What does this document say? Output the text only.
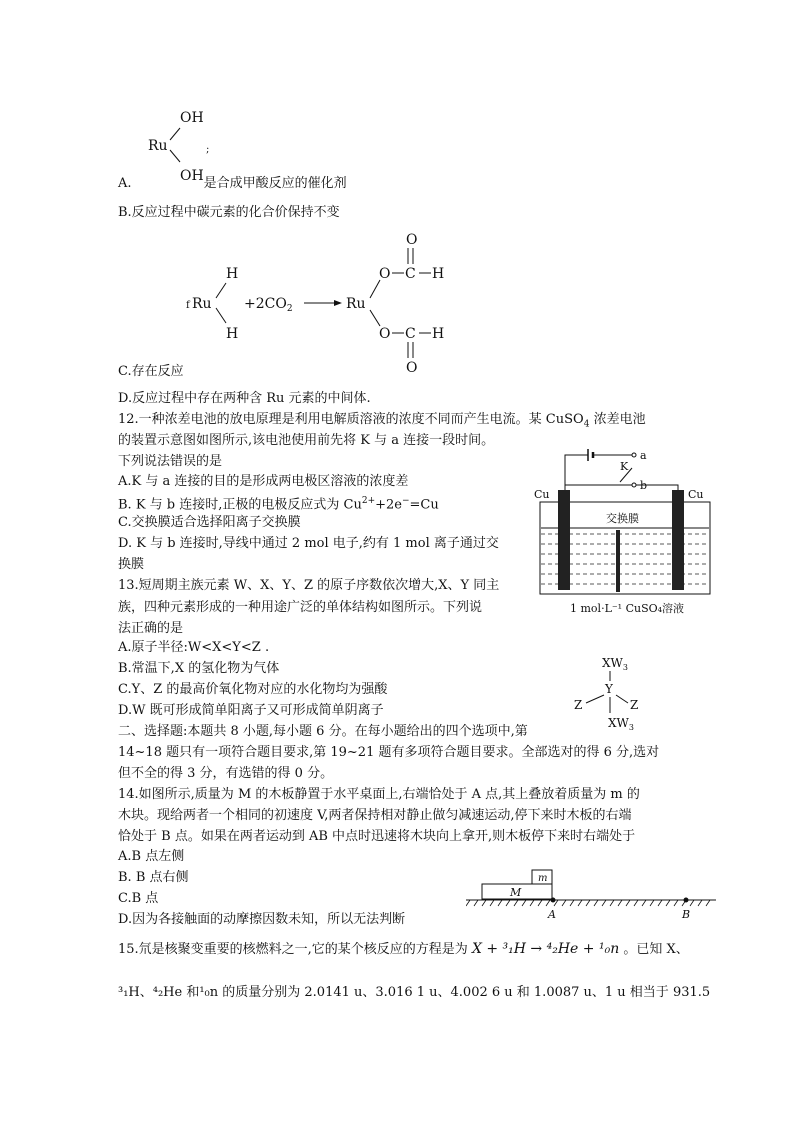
Ru
OH
OH
;
A.	是合成甲酸反应的催化剂
B.反应过程中碳元素的化合价保持不变
f Ru
H
H
$+2CO_2$	Ru
O C H
O
O C H
O
C.存在反应
D.反应过程中存在两种含 Ru 元素的中间体.
12.一种浓差电池的放电原理是利用电解质溶液的浓度不同而产生电流。某 CuSO$_4$ 浓差电池
的装置示意图如图所示,该电池使用前先将 K 与 a 连接一段时间。
下列说法错误的是
A.K 与 a 连接的目的是形成两电极区溶液的浓度差
B. K 与 b 连接时,正极的电极反应式为 $Cu^{2+}+2e^-=Cu$
C.交换膜适合选择阳离子交换膜
D. K 与 b 连接时,导线中通过 2 mol 电子,约有 1 mol 离子通过交
换膜
a
K
b
Cu	Cu
交换膜
1 mol·L⁻¹ CuSO₄溶液
13.短周期主族元素 W、X、Y、Z 的原子序数依次增大,X、Y 同主
族，四种元素形成的一种用途广泛的单体结构如图所示。下列说
法正确的是
A.原子半径:W<X<Y<Z .
B.常温下,X 的氢化物为气体
C.Y、Z 的最高价氧化物对应的水化物均为强酸
D.W 既可形成简单阳离子又可形成简单阴离子
$XW_3$
Y
Z	Z
$XW_3$
二、选择题:本题共 8 小题,每小题 6 分。在每小题给出的四个选项中,第
14~18 题只有一项符合题目要求,第 19~21 题有多项符合题目要求。全部选对的得 6 分,选对
但不全的得 3 分，有选错的得 0 分。
14.如图所示,质量为 M 的木板静置于水平桌面上,右端恰处于 A 点,其上叠放着质量为 m 的
木块。现给两者一个相同的初速度 V,两者保持相对静止做匀减速运动,停下来时木板的右端
恰处于 B 点。如果在两者运动到 AB 中点时迅速将木块向上拿开,则木板停下来时右端处于
A.B 点左侧
B. B 点右侧
C.B 点
D.因为各接触面的动摩擦因数未知，所以无法判断
M
m
A	B
15.氘是核聚变重要的核燃料之一,它的某个核反应的方程是为 X + ³₁H → ⁴₂He + ¹₀n 。已知 X、
³₁H、⁴₂He 和¹₀n 的质量分别为 2.0141 u、3.016 1 u、4.002 6 u 和 1.0087 u、1 u 相当于 931.5
